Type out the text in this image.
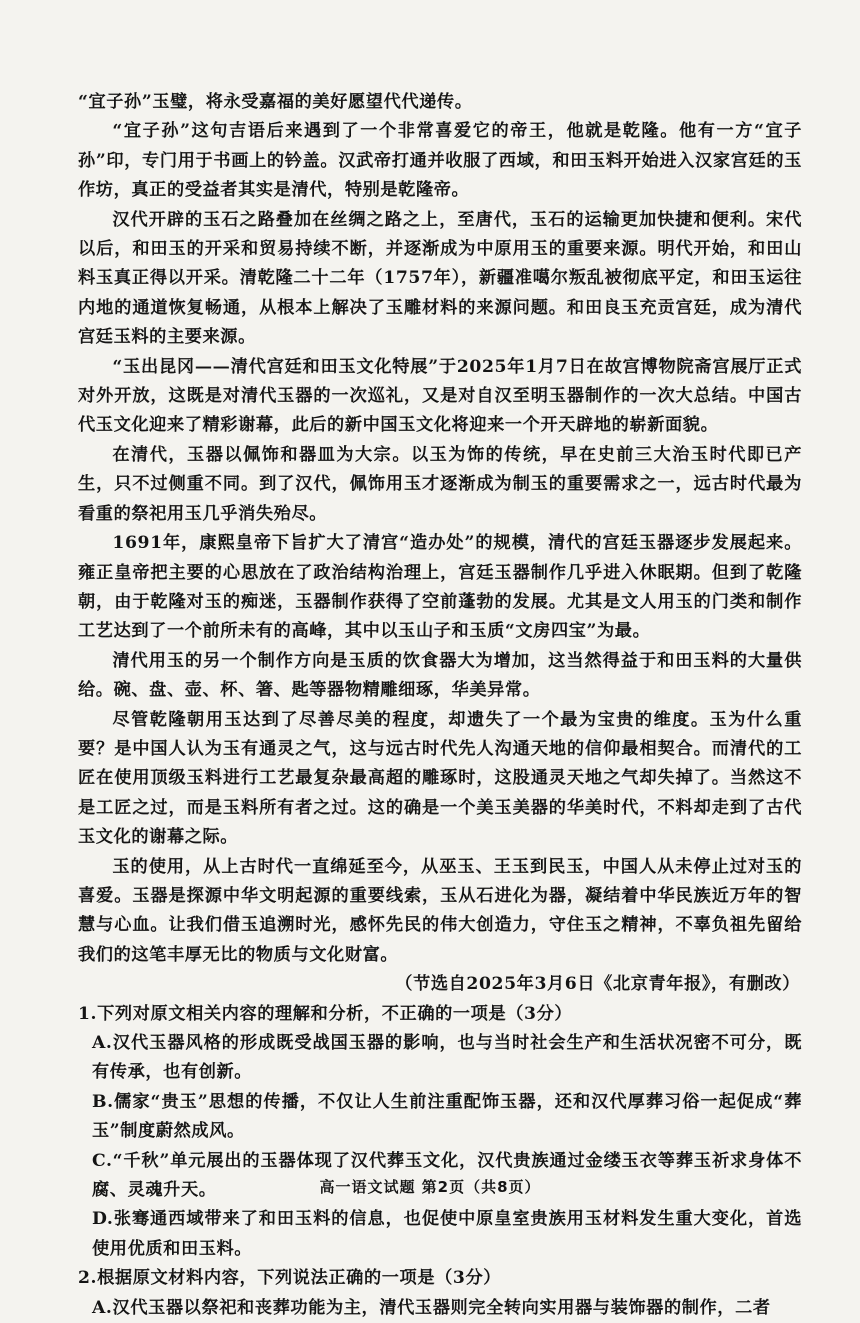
“宜子孙”玉璧，将永受嘉福的美好愿望代代递传。

“宜子孙”这句吉语后来遇到了一个非常喜爱它的帝王，他就是乾隆。他有一方“宜子孙”印，专门用于书画上的钤盖。汉武帝打通并收服了西域，和田玉料开始进入汉家宫廷的玉作坊，真正的受益者其实是清代，特别是乾隆帝。

汉代开辟的玉石之路叠加在丝绸之路之上，至唐代，玉石的运输更加快捷和便利。宋代以后，和田玉的开采和贸易持续不断，并逐渐成为中原用玉的重要来源。明代开始，和田山料玉真正得以开采。清乾隆二十二年（1757年），新疆准噶尔叛乱被彻底平定，和田玉运往内地的通道恢复畅通，从根本上解决了玉雕材料的来源问题。和田良玉充贡宫廷，成为清代宫廷玉料的主要来源。

“玉出昆冈——清代宫廷和田玉文化特展”于2025年1月7日在故宫博物院斋宫展厅正式对外开放，这既是对清代玉器的一次巡礼，又是对自汉至明玉器制作的一次大总结。中国古代玉文化迎来了精彩谢幕，此后的新中国玉文化将迎来一个开天辟地的崭新面貌。

在清代，玉器以佩饰和器皿为大宗。以玉为饰的传统，早在史前三大治玉时代即已产生，只不过侧重不同。到了汉代，佩饰用玉才逐渐成为制玉的重要需求之一，远古时代最为看重的祭祀用玉几乎消失殆尽。

1691年，康熙皇帝下旨扩大了清宫“造办处”的规模，清代的宫廷玉器逐步发展起来。雍正皇帝把主要的心思放在了政治结构治理上，宫廷玉器制作几乎进入休眠期。但到了乾隆朝，由于乾隆对玉的痴迷，玉器制作获得了空前蓬勃的发展。尤其是文人用玉的门类和制作工艺达到了一个前所未有的高峰，其中以玉山子和玉质“文房四宝”为最。

清代用玉的另一个制作方向是玉质的饮食器大为增加，这当然得益于和田玉料的大量供给。碗、盘、壶、杯、箸、匙等器物精雕细琢，华美异常。

尽管乾隆朝用玉达到了尽善尽美的程度，却遗失了一个最为宝贵的维度。玉为什么重要？是中国人认为玉有通灵之气，这与远古时代先人沟通天地的信仰最相契合。而清代的工匠在使用顶级玉料进行工艺最复杂最高超的雕琢时，这股通灵天地之气却失掉了。当然这不是工匠之过，而是玉料所有者之过。这的确是一个美玉美器的华美时代，不料却走到了古代玉文化的谢幕之际。

玉的使用，从上古时代一直绵延至今，从巫玉、王玉到民玉，中国人从未停止过对玉的喜爱。玉器是探源中华文明起源的重要线索，玉从石进化为器，凝结着中华民族近万年的智慧与心血。让我们借玉追溯时光，感怀先民的伟大创造力，守住玉之精神，不辜负祖先留给我们的这笔丰厚无比的物质与文化财富。

（节选自2025年3月6日《北京青年报》，有删改）

1.下列对原文相关内容的理解和分析，不正确的一项是（3分）

A.汉代玉器风格的形成既受战国玉器的影响，也与当时社会生产和生活状况密不可分，既有传承，也有创新。

B.儒家“贵玉”思想的传播，不仅让人生前注重配饰玉器，还和汉代厚葬习俗一起促成“葬玉”制度蔚然成风。

C.“千秋”单元展出的玉器体现了汉代葬玉文化，汉代贵族通过金缕玉衣等葬玉祈求身体不腐、灵魂升天。

D.张骞通西域带来了和田玉料的信息，也促使中原皇室贵族用玉材料发生重大变化，首选使用优质和田玉料。

2.根据原文材料内容，下列说法正确的一项是（3分）

A.汉代玉器以祭祀和丧葬功能为主，清代玉器则完全转向实用器与装饰器的制作，二者

高一语文试题 第2页（共8页）
